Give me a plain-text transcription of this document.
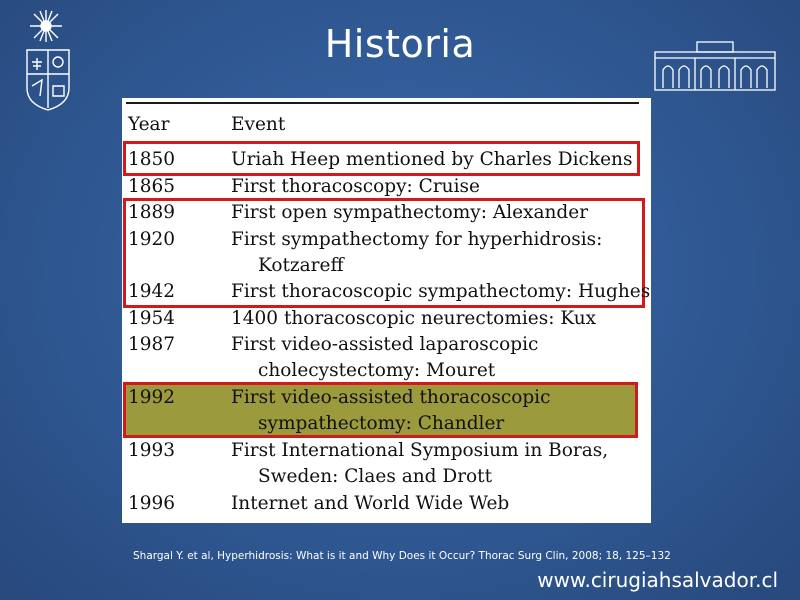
Historia
Year	Event
1850	Uriah Heep mentioned by Charles Dickens
1865	First thoracoscopy: Cruise
1889	First open sympathectomy: Alexander
1920	First sympathectomy for hyperhidrosis:
Kotzareff
1942	First thoracoscopic sympathectomy: Hughes
1954	1400 thoracoscopic neurectomies: Kux
1987	First video-assisted laparoscopic
cholecystectomy: Mouret
1992	First video-assisted thoracoscopic
sympathectomy: Chandler
1993	First International Symposium in Boras,
Sweden: Claes and Drott
1996	Internet and World Wide Web
Shargal Y. et al, Hyperhidrosis: What is it and Why Does it Occur? Thorac Surg Clin, 2008; 18, 125–132
www.cirugiahsalvador.cl
